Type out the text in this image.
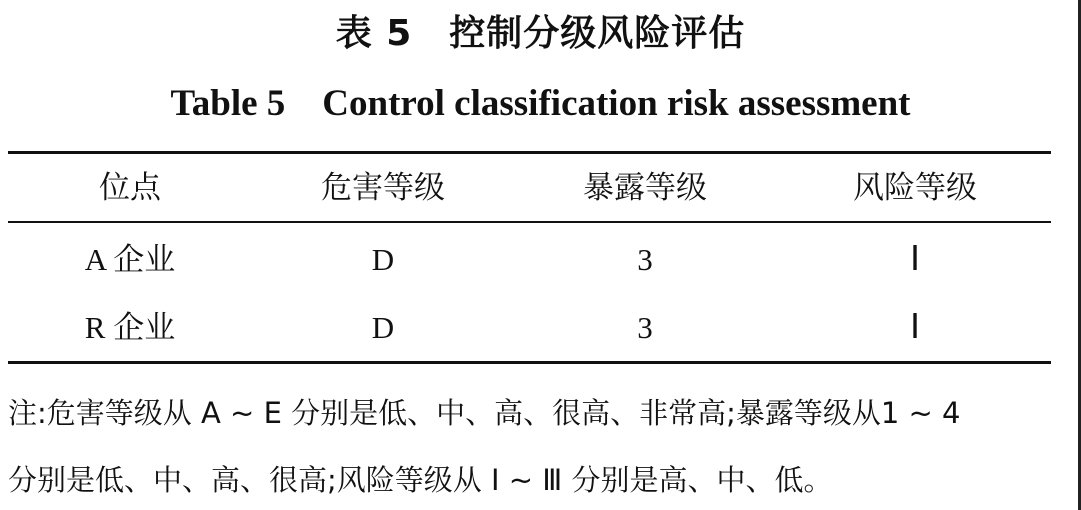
表 5　控制分级风险评估
Table 5　Control classification risk assessment
位点	危害等级	暴露等级	风险等级
A 企业	D	3	Ⅰ
R 企业	D	3	Ⅰ
注:危害等级从 A ~ E 分别是低、中、高、很高、非常高;暴露等级从1 ~ 4
分别是低、中、高、很高;风险等级从 Ⅰ ~ Ⅲ 分别是高、中、低。
